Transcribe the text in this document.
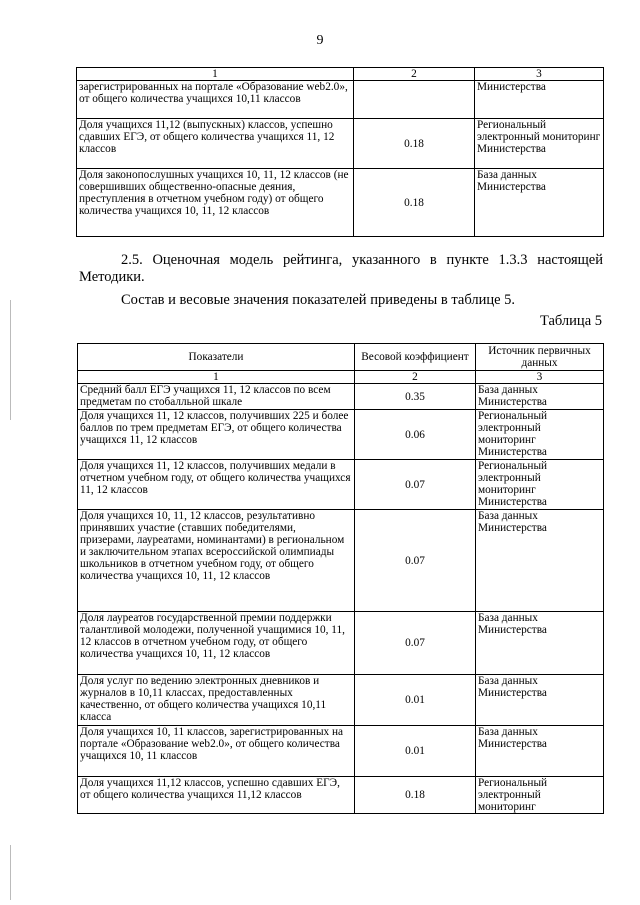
9
1	2	3
зарегистрированных на портале «Образование web2.0», от общего количества учащихся 10,11 классов		Министерства
Доля учащихся 11,12 (выпускных) классов, успешно сдавших ЕГЭ, от общего количества учащихся 11, 12 классов	0.18	Региональный электронный мониторинг Министерства
Доля законопослушных учащихся 10, 11, 12 классов (не совершивших общественно-опасные деяния, преступления в отчетном учебном году) от общего количества учащихся 10, 11, 12 классов	0.18	База данных Министерства
2.5. Оценочная модель рейтинга, указанного в пункте 1.3.3 настоящей Методики.
Состав и весовые значения показателей приведены в таблице 5.
Таблица 5
Показатели	Весовой коэффициент	Источник первичных данных
1	2	3
Средний балл ЕГЭ учащихся 11, 12 классов по всем предметам по стобалльной шкале	0.35	База данных Министерства
Доля учащихся 11, 12 классов, получивших 225 и более баллов по трем предметам ЕГЭ, от общего количества учащихся 11, 12 классов	0.06	Региональный электронный мониторинг Министерства
Доля учащихся 11, 12 классов, получивших медали в отчетном учебном году, от общего количества учащихся 11, 12 классов	0.07	Региональный электронный мониторинг Министерства
Доля учащихся 10, 11, 12 классов, результативно принявших участие (ставших победителями, призерами, лауреатами, номинантами) в региональном и заключительном этапах всероссийской олимпиады школьников в отчетном учебном году, от общего количества учащихся 10, 11, 12 классов	0.07	База данных Министерства
Доля лауреатов государственной премии поддержки талантливой молодежи, полученной учащимися 10, 11, 12 классов в отчетном учебном году, от общего количества учащихся 10, 11, 12 классов	0.07	База данных Министерства
Доля услуг по ведению электронных дневников и журналов в 10,11 классах, предоставленных качественно, от общего количества учащихся 10,11 класса	0.01	База данных Министерства
Доля учащихся 10, 11 классов, зарегистрированных на портале «Образование web2.0», от общего количества учащихся 10, 11 классов	0.01	База данных Министерства
Доля учащихся 11,12 классов, успешно сдавших ЕГЭ, от общего количества учащихся 11,12 классов	0.18	Региональный электронный мониторинг
